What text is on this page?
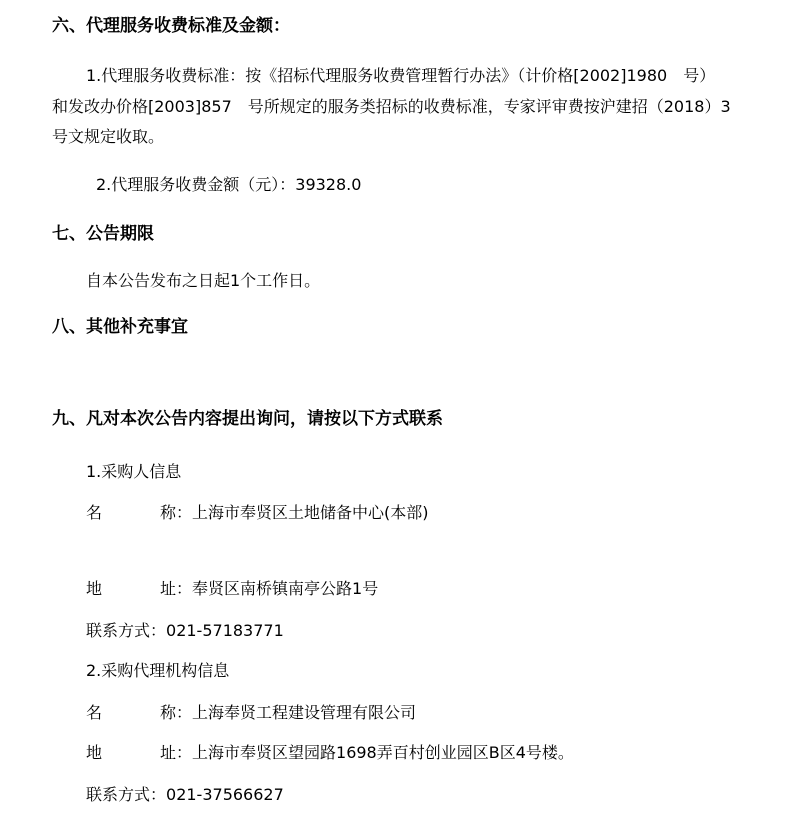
六、代理服务收费标准及金额：
1.代理服务收费标准：按《招标代理服务收费管理暂行办法》（计价格[2002]1980　号）
和发改办价格[2003]857　号所规定的服务类招标的收费标准，专家评审费按沪建招（2018）3
号文规定收取。
2.代理服务收费金额（元）：39328.0
七、公告期限
自本公告发布之日起1个工作日。
八、其他补充事宜
九、凡对本次公告内容提出询问，请按以下方式联系
1.采购人信息
名	称：上海市奉贤区土地储备中心(本部)
地	址：奉贤区南桥镇南亭公路1号
联系方式：021-57183771
2.采购代理机构信息
名	称：上海奉贤工程建设管理有限公司
地	址：上海市奉贤区望园路1698弄百村创业园区B区4号楼。
联系方式：021-37566627
